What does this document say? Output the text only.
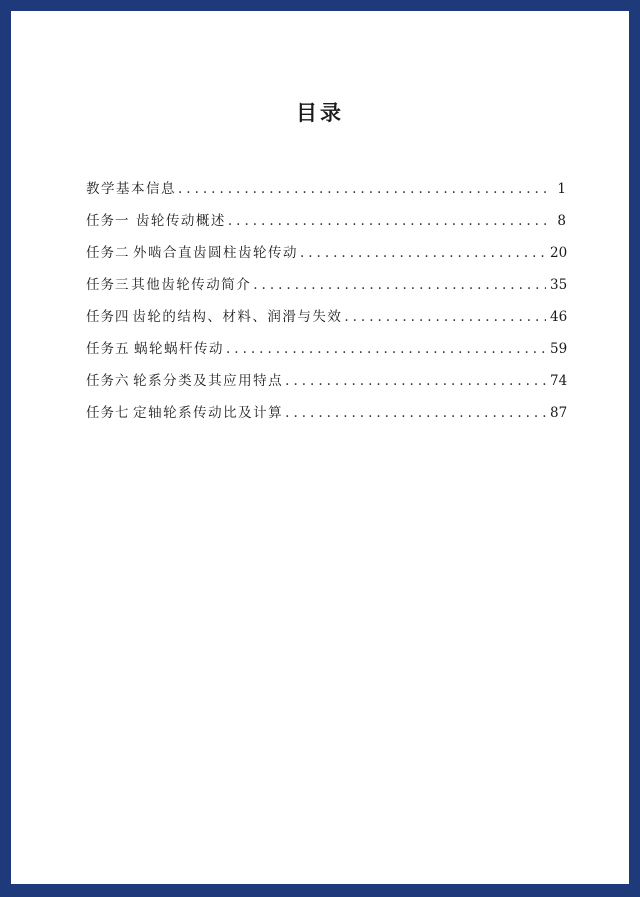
目录
教学基本信息 .....	1
任务一 齿轮传动概述 .....	8
任务二 外啮合直齿圆柱齿轮传动 .....	20
任务三 其他齿轮传动简介 .....	35
任务四 齿轮的结构、材料、润滑与失效 .....	46
任务五 蜗轮蜗杆传动 .....	59
任务六 轮系分类及其应用特点 .....	74
任务七 定轴轮系传动比及计算 .....	87
